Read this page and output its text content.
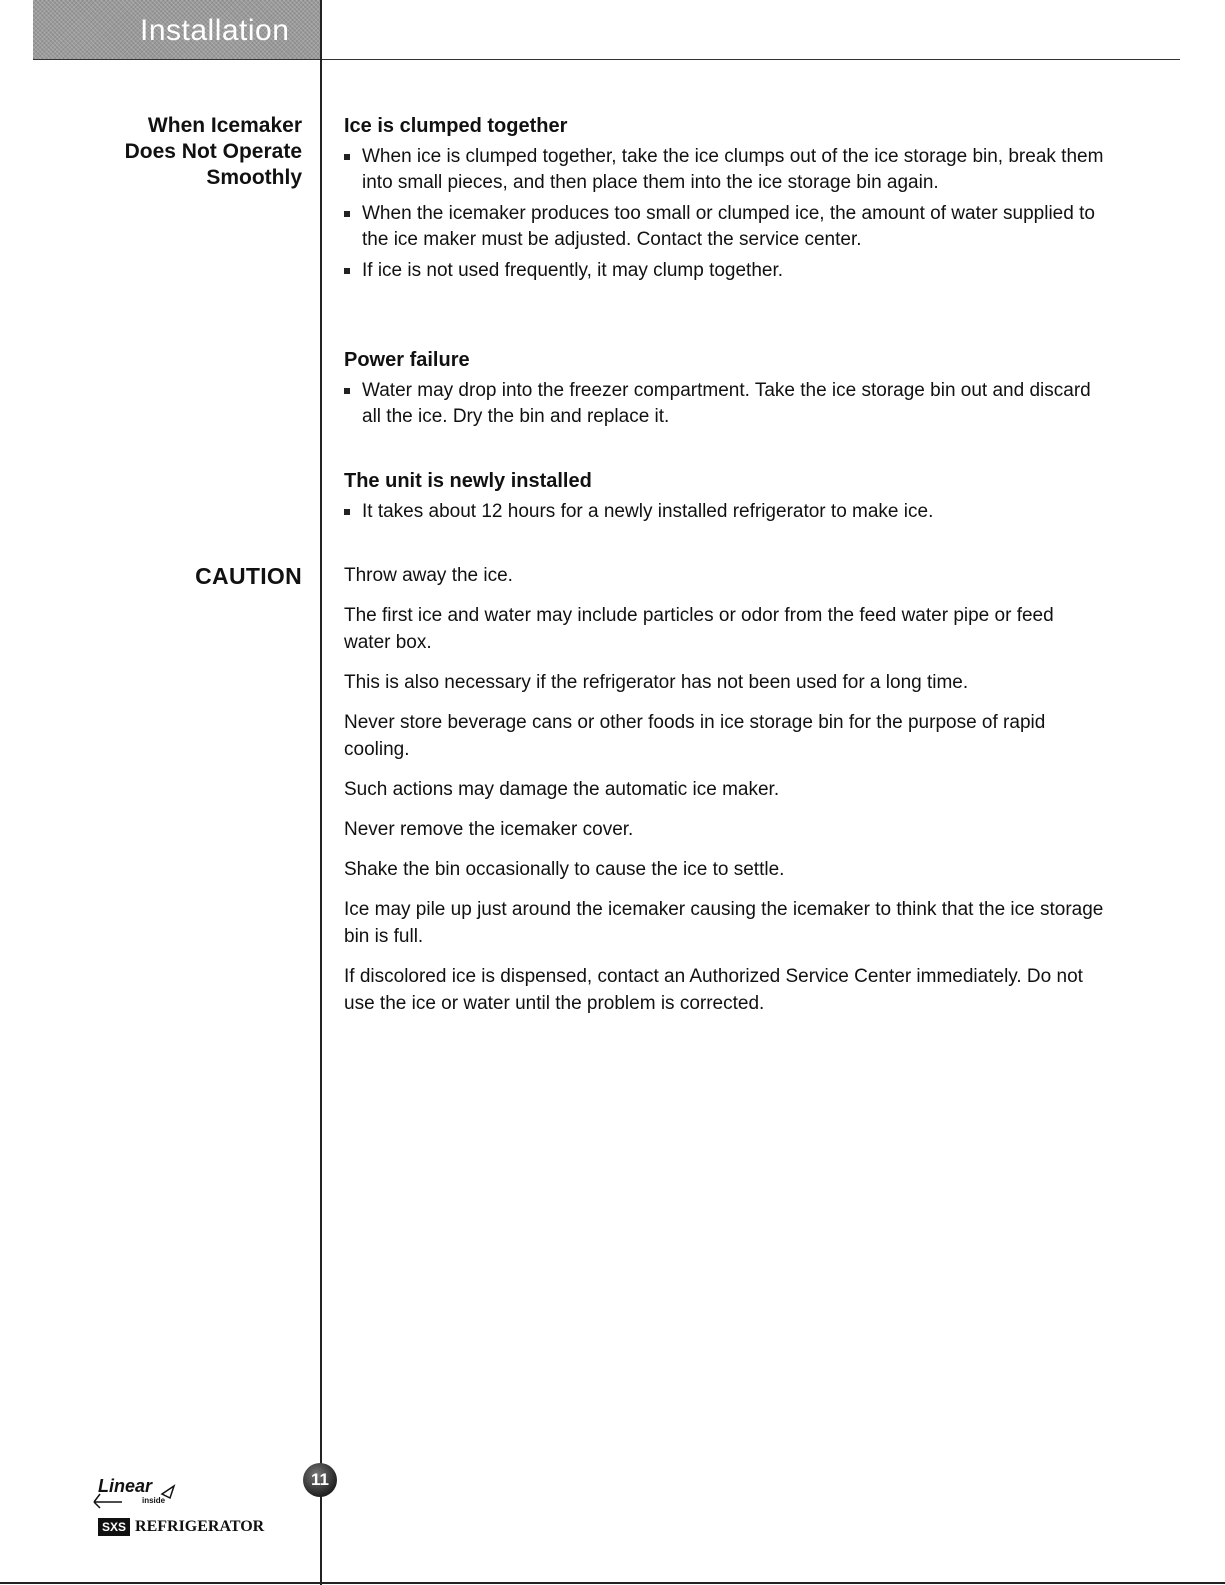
Installation
When Icemaker
Does Not Operate
Smoothly
Ice is clumped together
When ice is clumped together, take the ice clumps out of the ice storage bin, break them into small pieces, and then place them into the ice storage bin again.
When the icemaker produces too small or clumped ice, the amount of water supplied to the ice maker must be adjusted. Contact the service center.
If ice is not used frequently, it may clump together.
Power failure
Water may drop into the freezer compartment. Take the ice storage bin out and discard all the ice. Dry the bin and replace it.
The unit is newly installed
It takes about 12 hours for a newly installed refrigerator to make ice.
CAUTION Throw away the ice.

The first ice and water may include particles or odor from the feed water pipe or feed water box.

This is also necessary if the refrigerator has not been used for a long time.

Never store beverage cans or other foods in ice storage bin for the purpose of rapid cooling.

Such actions may damage the automatic ice maker.

Never remove the icemaker cover.

Shake the bin occasionally to cause the ice to settle.

Ice may pile up just around the icemaker causing the icemaker to think that the ice storage bin is full.

If discolored ice is dispensed, contact an Authorized Service Center immediately. Do not use the ice or water until the problem is corrected.

11
Linear
inside
SXS REFRIGERATOR
